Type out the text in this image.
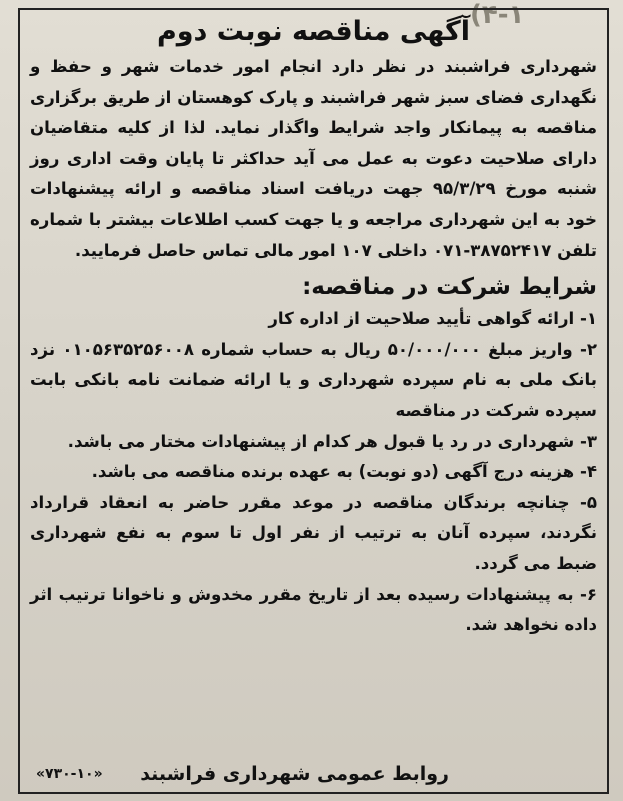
(۴-۱
آگهی مناقصه نوبت دوم

شهرداری فراشبند در نظر دارد انجام امور خدمات شهر و حفظ و نگهداری فضای سبز شهر فراشبند و پارک کوهستان از طریق برگزاری مناقصه به پیمانکار واجد شرایط واگذار نماید. لذا از کلیه متقاضیان دارای صلاحیت دعوت به عمل می آید حداکثر تا پایان وقت اداری روز شنبه مورخ ۹۵/۳/۲۹ جهت دریافت اسناد مناقصه و ارائه پیشنهادات خود به این شهرداری مراجعه و یا جهت کسب اطلاعات بیشتر با شماره تلفن ۳۸۷۵۲۴۱۷-۰۷۱ داخلی ۱۰۷ امور مالی تماس حاصل فرمایید.

شرایط شرکت در مناقصه:
۱- ارائه گواهی تأیید صلاحیت از اداره کار
۲- واریز مبلغ ۵۰/۰۰۰/۰۰۰ ریال به حساب شماره ۰۱۰۵۶۳۵۲۵۶۰۰۸ نزد بانک ملی به نام سپرده شهرداری و یا ارائه ضمانت نامه بانکی بابت سپرده شرکت در مناقصه
۳- شهرداری در رد یا قبول هر کدام از پیشنهادات مختار می باشد.
۴- هزینه درج آگهی (دو نوبت) به عهده برنده مناقصه می باشد.
۵- چنانچه برندگان مناقصه در موعد مقرر حاضر به انعقاد قرارداد نگردند، سپرده آنان به ترتیب از نفر اول تا سوم به نفع شهرداری ضبط می گردد.
۶- به پیشنهادات رسیده بعد از تاریخ مقرر مخدوش و ناخوانا ترتیب اثر داده نخواهد شد.
روابط عمومی شهرداری فراشبند
«۷۳۰-۱۰»
